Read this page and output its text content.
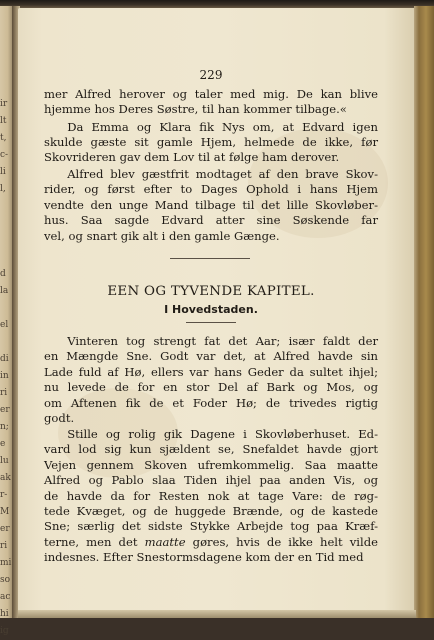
ir
lt
t,
c-
li
l,

d
la

el

di
in
ri
er
n;
e
lu
ak
r-
M
er
ri
mi
so
ac
hi
ig
229
mer Alfred herover og taler med mig. De kan blive
hjemme hos Deres Søstre, til han kommer tilbage.«
  Da Emma og Klara fik Nys om, at Edvard igen
skulde gæste sit gamle Hjem, helmede de ikke, før
Skovrideren gav dem Lov til at følge ham derover.
  Alfred blev gæstfrit modtaget af den brave Skov-
rider, og først efter to Dages Ophold i hans Hjem
vendte den unge Mand tilbage til det lille Skovløber-
hus. Saa sagde Edvard atter sine Søskende far
vel, og snart gik alt i den gamle Gænge.
EEN OG TYVENDE KAPITEL.
I Hovedstaden.
  Vinteren tog strengt fat det Aar; især faldt der
en Mængde Sne. Godt var det, at Alfred havde sin
Lade fuld af Hø, ellers var hans Geder da sultet ihjel;
nu levede de for en stor Del af Bark og Mos, og
om Aftenen fik de et Foder Hø; de trivedes rigtig
godt.
  Stille og rolig gik Dagene i Skovløberhuset. Ed-
vard lod sig kun sjældent se, Snefaldet havde gjort
Vejen gennem Skoven ufremkommelig. Saa maatte
Alfred og Pablo slaa Tiden ihjel paa anden Vis, og
de havde da for Resten nok at tage Vare: de røg-
tede Kvæget, og de huggede Brænde, og de kastede
Sne; særlig det sidste Stykke Arbejde tog paa Kræf-
terne, men det maatte gøres, hvis de ikke helt vilde
indesnes. Efter Snestormsdagene kom der en Tid med
